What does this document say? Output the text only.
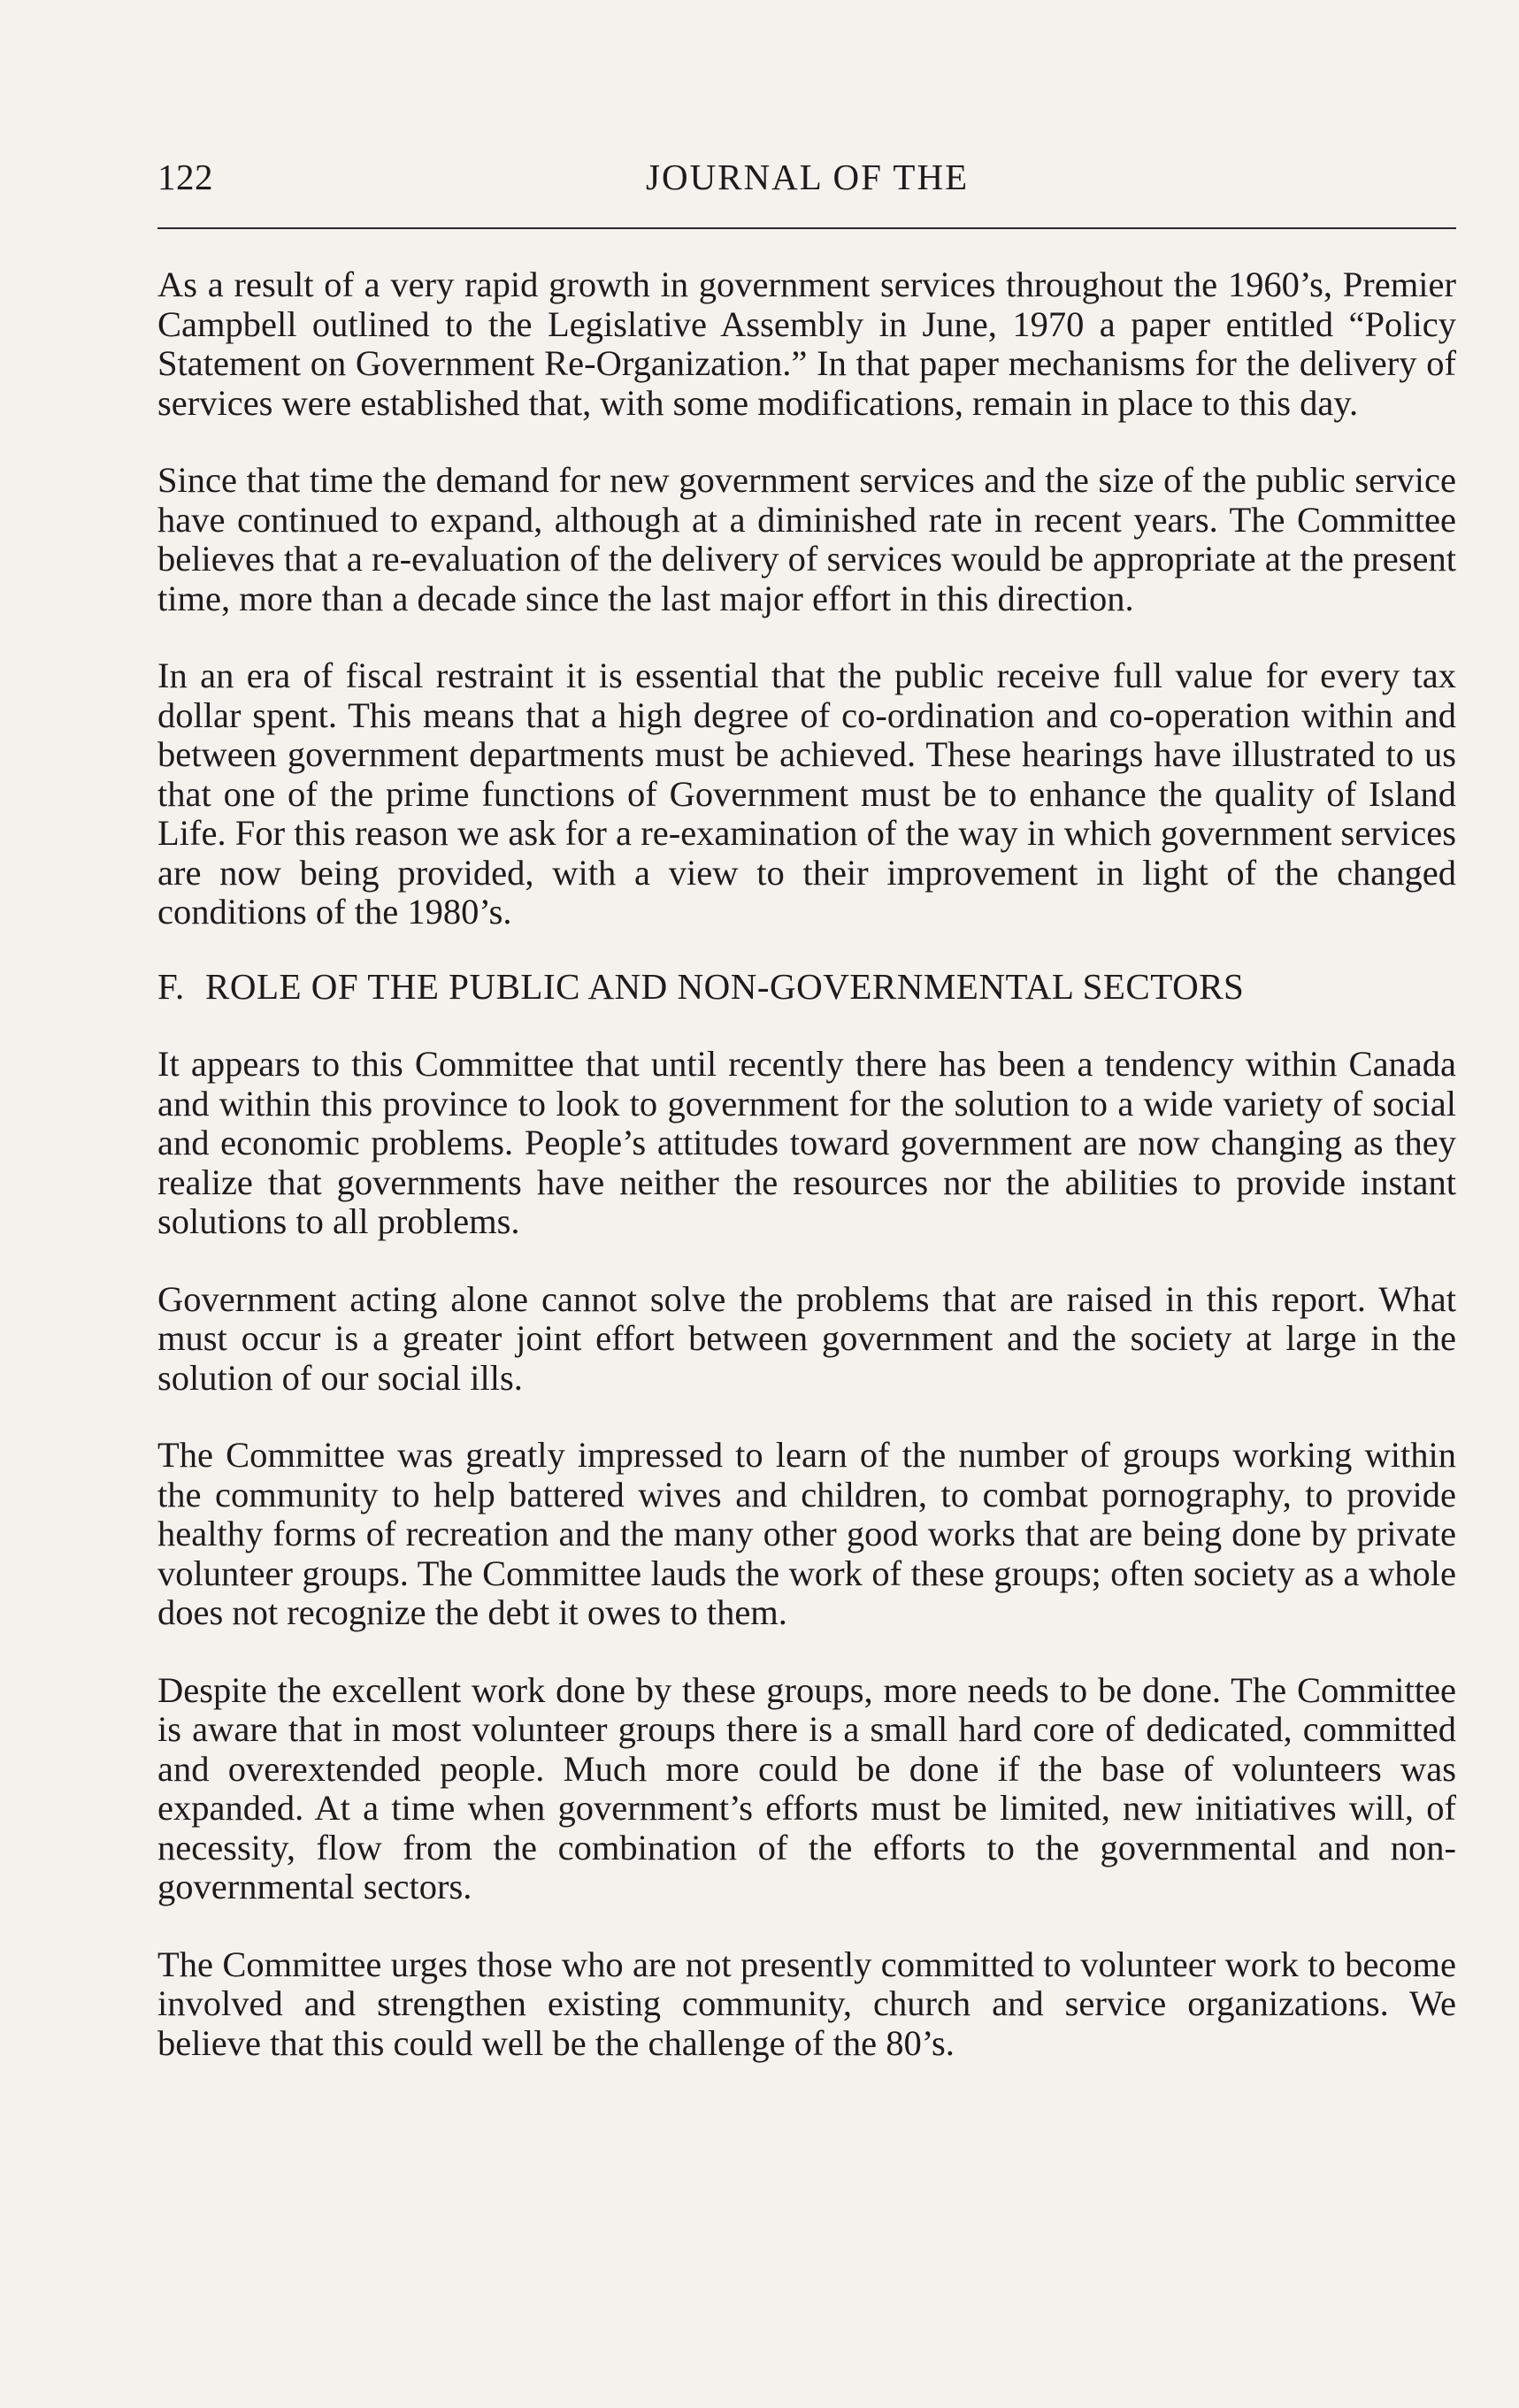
122	JOURNAL OF THE

As a result of a very rapid growth in government services throughout the 1960’s, Premier Campbell outlined to the Legislative Assembly in June, 1970 a paper entitled “Policy Statement on Government Re-Organization.” In that paper mechanisms for the delivery of services were established that, with some modifications, remain in place to this day.

Since that time the demand for new government services and the size of the public service have continued to expand, although at a diminished rate in recent years. The Committee believes that a re-evaluation of the delivery of services would be appropriate at the present time, more than a decade since the last major effort in this direction.

In an era of fiscal restraint it is essential that the public receive full value for every tax dollar spent. This means that a high degree of co-ordination and co-operation within and between government departments must be achieved. These hearings have illustrated to us that one of the prime functions of Government must be to enhance the quality of Island Life. For this reason we ask for a re-examination of the way in which government services are now being provided, with a view to their improvement in light of the changed conditions of the 1980’s.

F. ROLE OF THE PUBLIC AND NON-GOVERNMENTAL SECTORS

It appears to this Committee that until recently there has been a tendency within Canada and within this province to look to government for the solution to a wide variety of social and economic problems. People’s attitudes toward government are now changing as they realize that governments have neither the resources nor the abilities to provide instant solutions to all problems.

Government acting alone cannot solve the problems that are raised in this report. What must occur is a greater joint effort between government and the society at large in the solution of our social ills.

The Committee was greatly impressed to learn of the number of groups working within the community to help battered wives and children, to combat pornography, to provide healthy forms of recreation and the many other good works that are being done by private volunteer groups. The Committee lauds the work of these groups; often society as a whole does not recognize the debt it owes to them.

Despite the excellent work done by these groups, more needs to be done. The Committee is aware that in most volunteer groups there is a small hard core of dedicated, committed and overextended people. Much more could be done if the base of volunteers was expanded. At a time when government’s efforts must be limited, new initiatives will, of necessity, flow from the combination of the efforts to the governmental and non-governmental sectors.

The Committee urges those who are not presently committed to volunteer work to become involved and strengthen existing community, church and service organizations. We believe that this could well be the challenge of the 80’s.
